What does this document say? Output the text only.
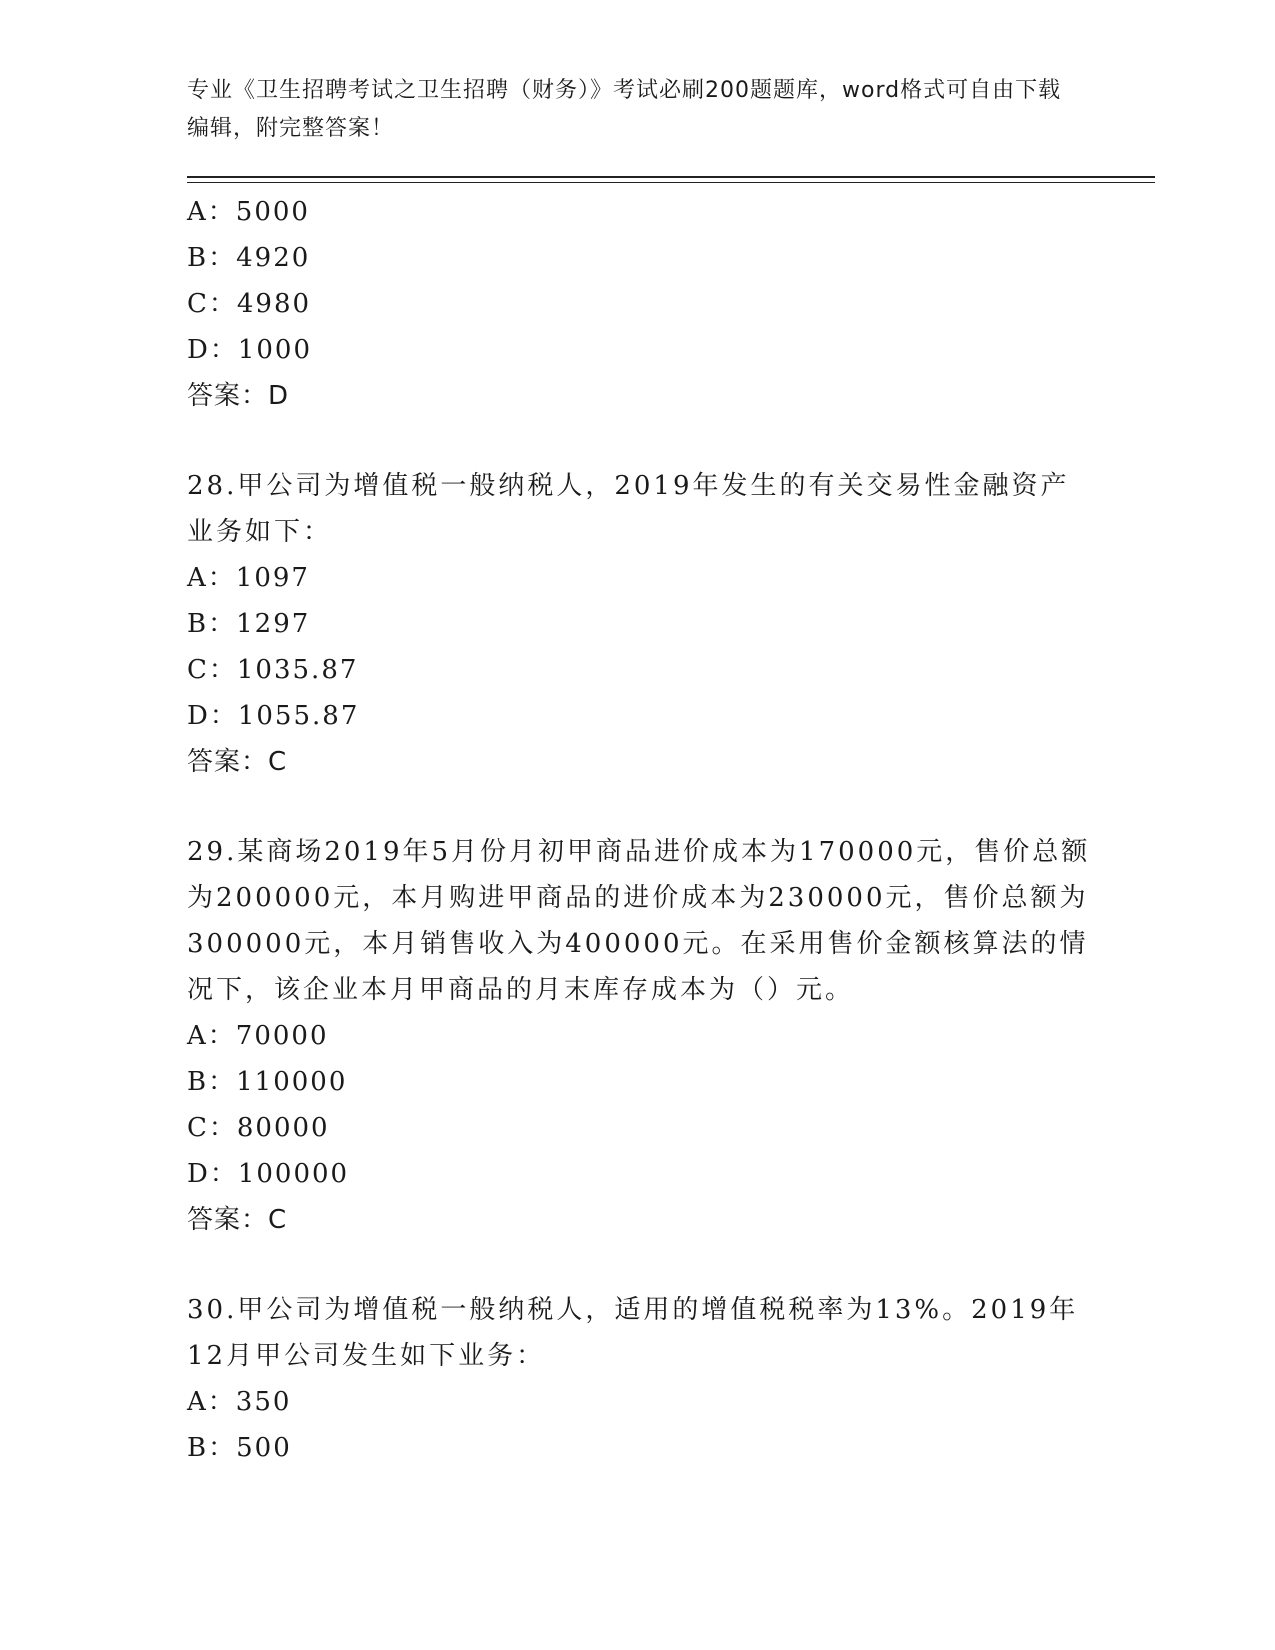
专业《卫生招聘考试之卫生招聘（财务）》考试必刷200题题库，word格式可自由下载编辑，附完整答案！
A：5000
B：4920
C：4980
D：1000
答案：D
28.甲公司为增值税一般纳税人，2019年发生的有关交易性金融资产业务如下：
A：1097
B：1297
C：1035.87
D：1055.87
答案：C
29.某商场2019年5月份月初甲商品进价成本为170000元，售价总额为200000元，本月购进甲商品的进价成本为230000元，售价总额为300000元，本月销售收入为400000元。在采用售价金额核算法的情况下，该企业本月甲商品的月末库存成本为（）元。
A：70000
B：110000
C：80000
D：100000
答案：C
30.甲公司为增值税一般纳税人，适用的增值税税率为13%。2019年12月甲公司发生如下业务：
A：350
B：500
